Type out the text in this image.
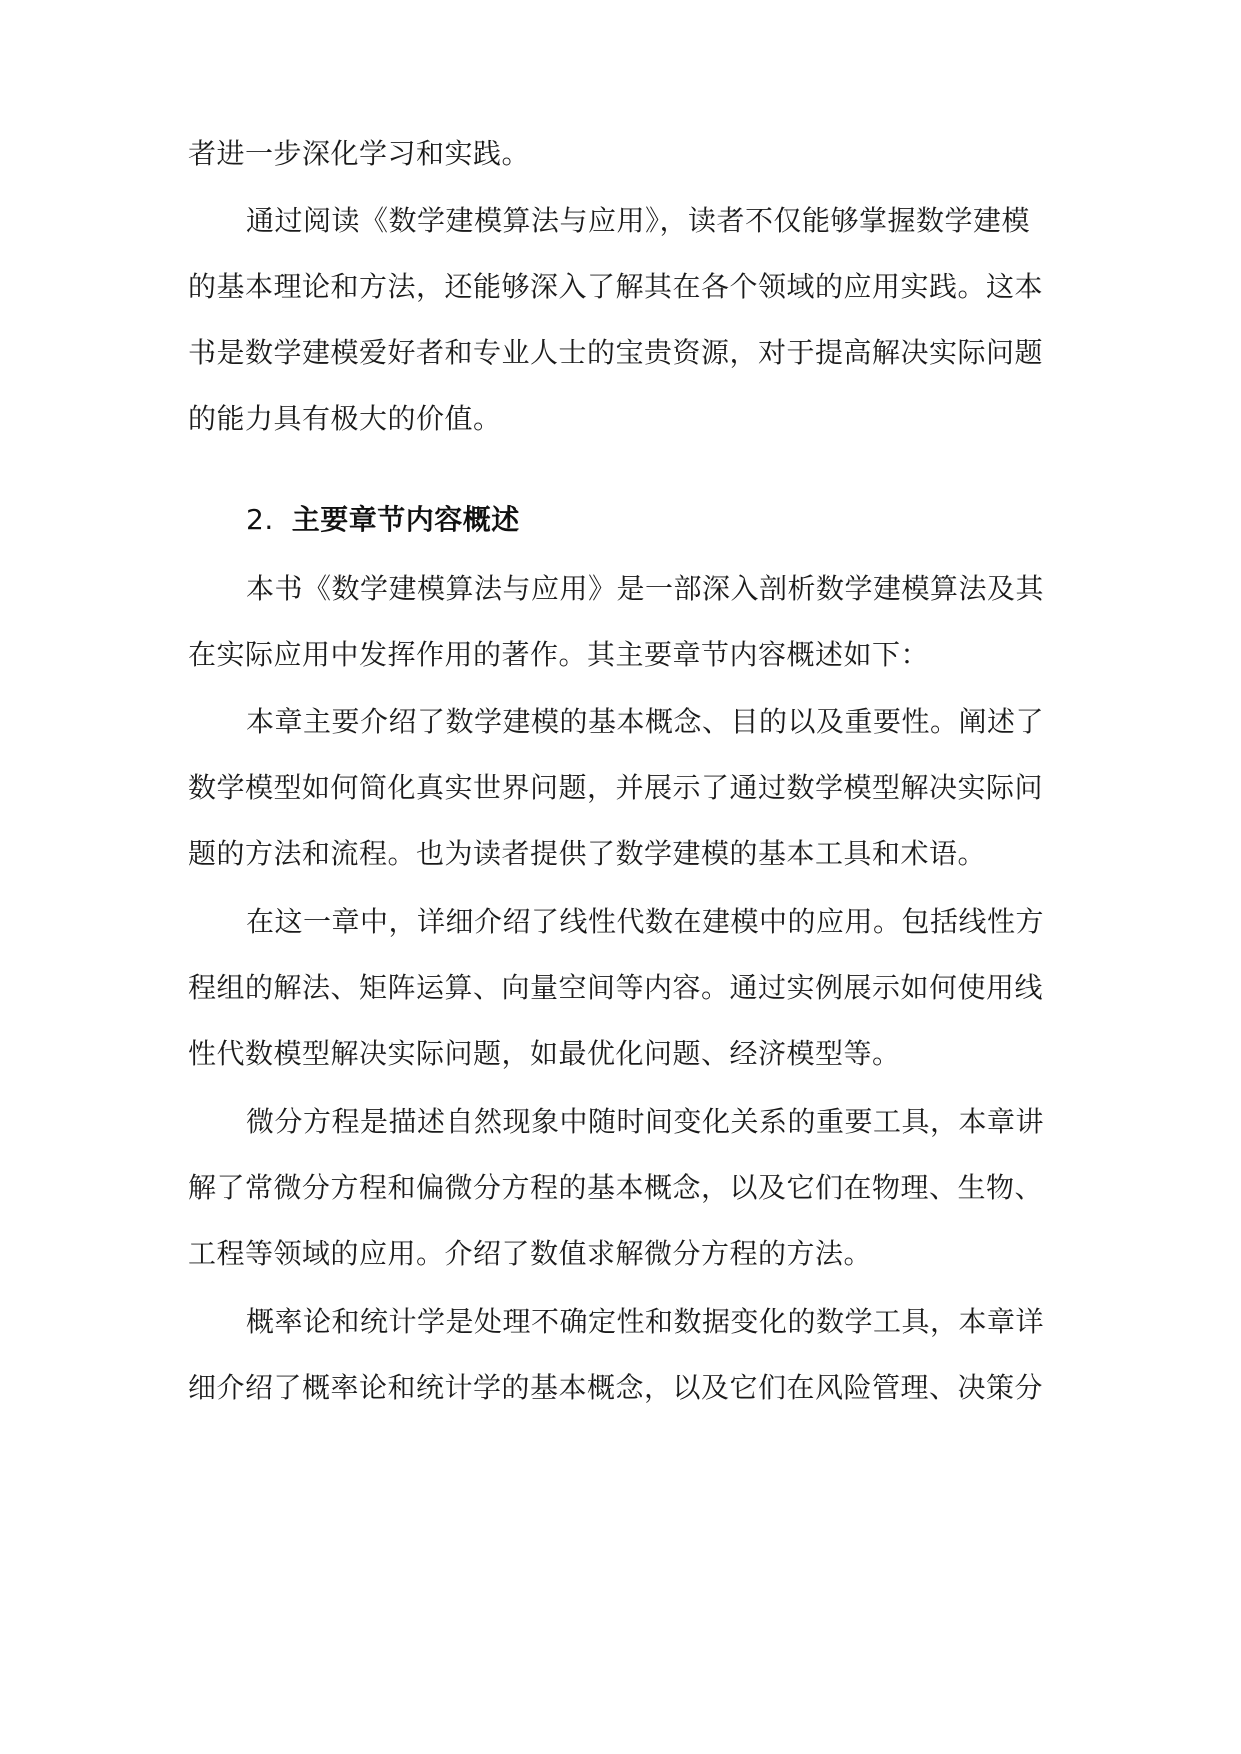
者进一步深化学习和实践。
通过阅读《数学建模算法与应用》，读者不仅能够掌握数学建模
的基本理论和方法，还能够深入了解其在各个领域的应用实践。这本
书是数学建模爱好者和专业人士的宝贵资源，对于提高解决实际问题
的能力具有极大的价值。
2. 主要章节内容概述
本书《数学建模算法与应用》是一部深入剖析数学建模算法及其
在实际应用中发挥作用的著作。其主要章节内容概述如下：
本章主要介绍了数学建模的基本概念、目的以及重要性。阐述了
数学模型如何简化真实世界问题，并展示了通过数学模型解决实际问
题的方法和流程。也为读者提供了数学建模的基本工具和术语。
在这一章中，详细介绍了线性代数在建模中的应用。包括线性方
程组的解法、矩阵运算、向量空间等内容。通过实例展示如何使用线
性代数模型解决实际问题，如最优化问题、经济模型等。
微分方程是描述自然现象中随时间变化关系的重要工具，本章讲
解了常微分方程和偏微分方程的基本概念，以及它们在物理、生物、
工程等领域的应用。介绍了数值求解微分方程的方法。
概率论和统计学是处理不确定性和数据变化的数学工具，本章详
细介绍了概率论和统计学的基本概念，以及它们在风险管理、决策分
